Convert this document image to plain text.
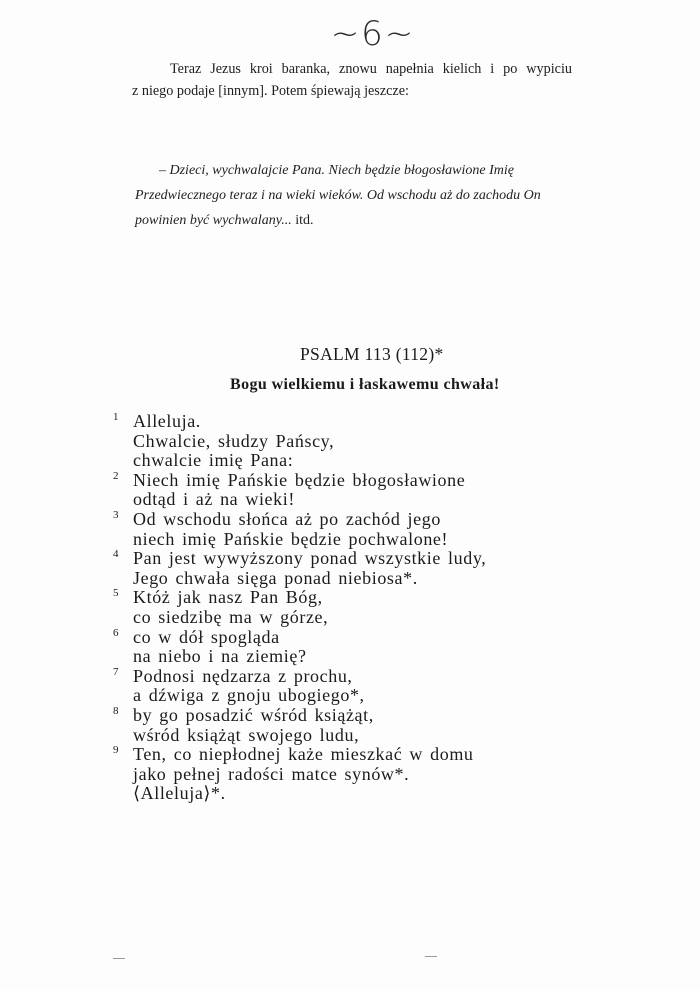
~6~
Teraz Jezus kroi baranka, znowu napełnia kielich i po wypiciu
z niego podaje [innym]. Potem śpiewają jeszcze:
– Dzieci, wychwalajcie Pana. Niech będzie błogosławione Imię
Przedwiecznego teraz i na wieki wieków. Od wschodu aż do zachodu On
powinien być wychwalany... itd.
PSALM 113 (112)*
Bogu wielkiemu i łaskawemu chwała!
1 Alleluja.
Chwalcie, słudzy Pańscy,
chwalcie imię Pana:
2 Niech imię Pańskie będzie błogosławione
odtąd i aż na wieki!
3 Od wschodu słońca aż po zachód jego
niech imię Pańskie będzie pochwalone!
4 Pan jest wywyższony ponad wszystkie ludy,
Jego chwała sięga ponad niebiosa*.
5 Któż jak nasz Pan Bóg,
co siedzibę ma w górze,
6 co w dół spogląda
na niebo i na ziemię?
7 Podnosi nędzarza z prochu,
a dźwiga z gnoju ubogiego*,
8 by go posadzić wśród książąt,
wśród książąt swojego ludu,
9 Ten, co niepłodnej każe mieszkać w domu
jako pełnej radości matce synów*.
⟨Alleluja⟩*.
